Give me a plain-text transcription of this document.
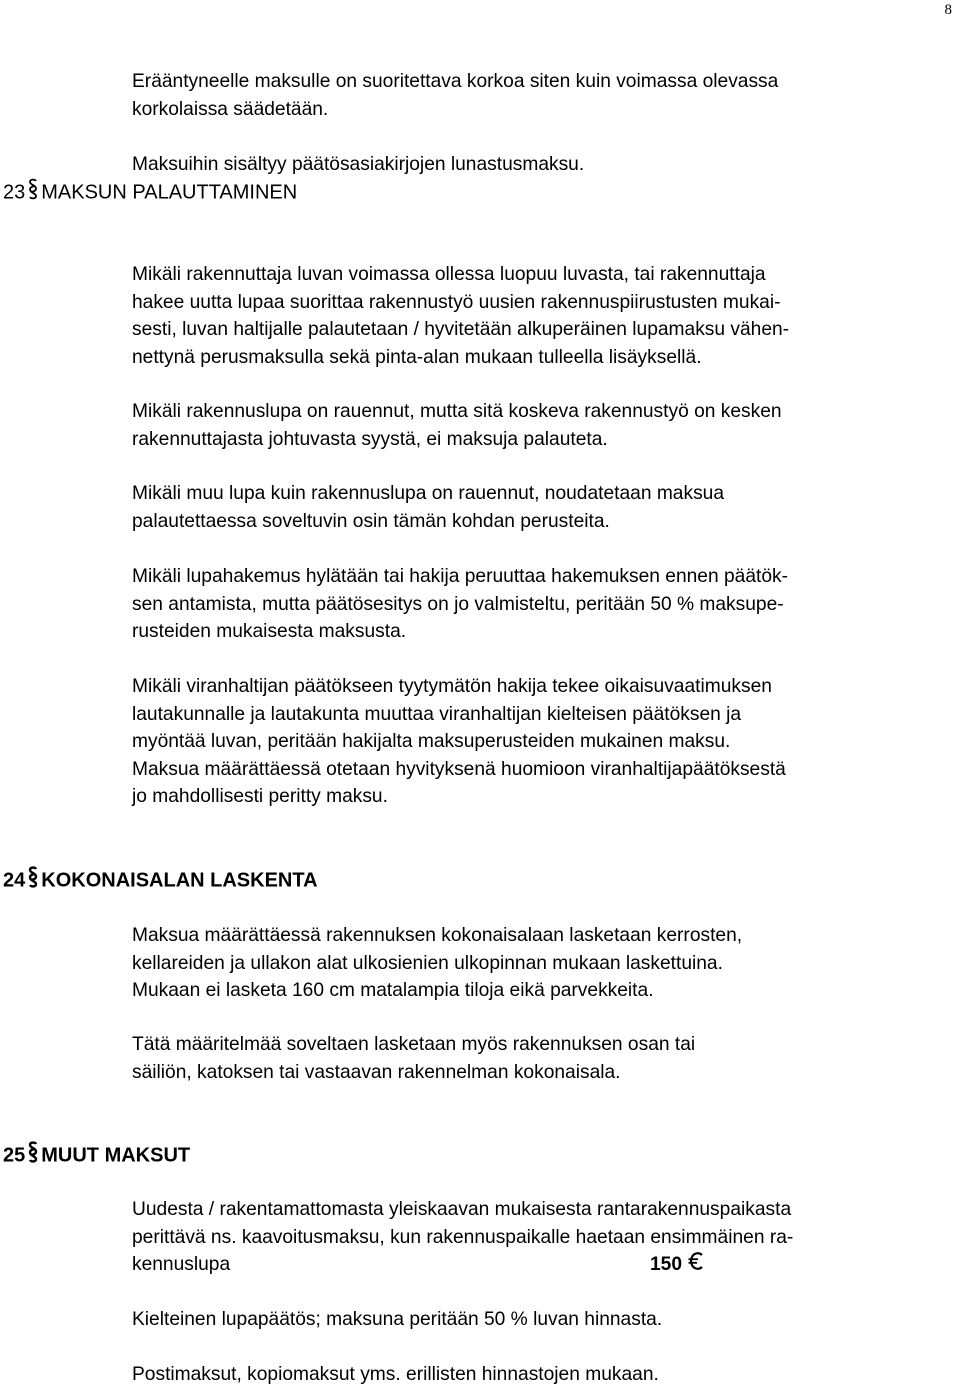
8

Erääntyneelle maksulle on suoritettava korkoa siten kuin voimassa olevassa
korkolaissa säädetään.

Maksuihin sisältyy päätösasiakirjojen lunastusmaksu.

23 MAKSUN PALAUTTAMINEN

Mikäli rakennuttaja luvan voimassa ollessa luopuu luvasta, tai rakennuttaja
hakee uutta lupaa suorittaa rakennustyö uusien rakennuspiirustusten mukai-
sesti, luvan haltijalle palautetaan / hyvitetään alkuperäinen lupamaksu vähen-
nettynä perusmaksulla sekä pinta-alan mukaan tulleella lisäyksellä.

Mikäli rakennuslupa on rauennut, mutta sitä koskeva rakennustyö on kesken
rakennuttajasta johtuvasta syystä, ei maksuja palauteta.

Mikäli muu lupa kuin rakennuslupa on rauennut, noudatetaan maksua
palautettaessa soveltuvin osin tämän kohdan perusteita.

Mikäli lupahakemus hylätään tai hakija peruuttaa hakemuksen ennen päätök-
sen antamista, mutta päätösesitys on jo valmisteltu, peritään 50 % maksupe-
rusteiden mukaisesta maksusta.

Mikäli viranhaltijan päätökseen tyytymätön hakija tekee oikaisuvaatimuksen
lautakunnalle ja lautakunta muuttaa viranhaltijan kielteisen päätöksen ja
myöntää luvan, peritään hakijalta maksuperusteiden mukainen maksu.
Maksua määrättäessä otetaan hyvityksenä huomioon viranhaltijapäätöksestä
jo mahdollisesti peritty maksu.

24 KOKONAISALAN LASKENTA

Maksua määrättäessä rakennuksen kokonaisalaan lasketaan kerrosten,
kellareiden ja ullakon alat ulkosienien ulkopinnan mukaan laskettuina.
Mukaan ei lasketa 160 cm matalampia tiloja eikä parvekkeita.

Tätä määritelmää soveltaen lasketaan myös rakennuksen osan tai
säiliön, katoksen tai vastaavan rakennelman kokonaisala.

25 MUUT MAKSUT

Uudesta / rakentamattomasta yleiskaavan mukaisesta rantarakennuspaikasta
perittävä ns. kaavoitusmaksu, kun rakennuspaikalle haetaan ensimmäinen ra-
kennuslupa	150

Kielteinen lupapäätös; maksuna peritään 50 % luvan hinnasta.

Postimaksut, kopiomaksut yms. erillisten hinnastojen mukaan.
